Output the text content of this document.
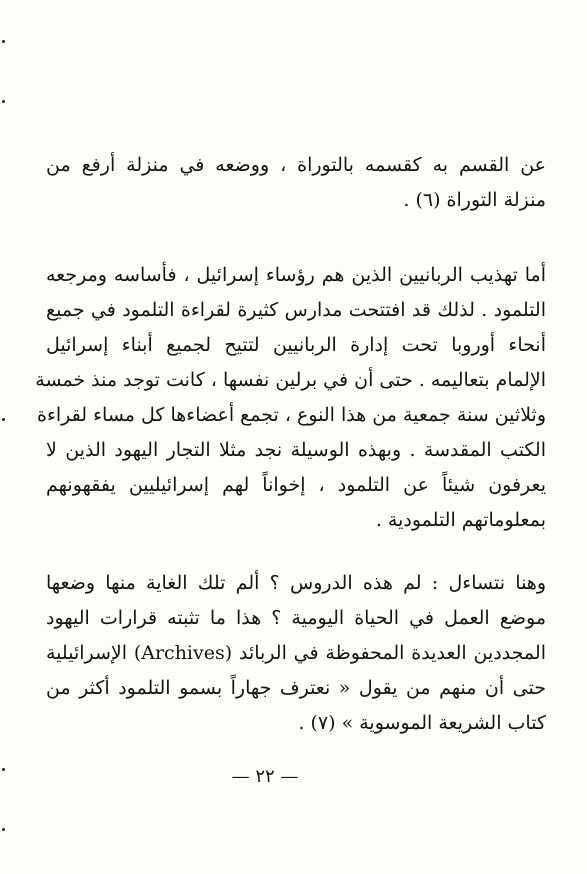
عن القسم به كقسمه بالتوراة ، ووضعه في منزلة أرفع من
منزلة التوراة (٦) .

أما تهذيب الربانيين الذين هم رؤساء إسرائيل ، فأساسه ومرجعه
التلمود . لذلك قد افتتحت مدارس كثيرة لقراءة التلمود في جميع
أنحاء أوروبا تحت إدارة الربانيين لتتيح لجميع أبناء إسرائيل
الإلمام بتعاليمه . حتى أن في برلين نفسها ، كانت توجد منذ خمسة
وثلاثين سنة جمعية من هذا النوع ، تجمع أعضاءها كل مساء لقراءة
الكتب المقدسة . وبهذه الوسيلة نجد مثلا التجار اليهود الذين لا
يعرفون شيئاً عن التلمود ، إخواناً لهم إسرائيليين يفقهونهم
بمعلوماتهم التلمودية .

وهنا نتساءل : لم هذه الدروس ؟ ألم تلك الغاية منها وضعها
موضع العمل في الحياة اليومية ؟ هذا ما تثبته قرارات اليهود
المجددين العديدة المحفوظة في الربائد (Archives) الإسرائيلية
حتى أن منهم من يقول « نعترف جهاراً بسمو التلمود أكثر من
كتاب الشريعة الموسوية » (٧) .

— ٢٢ —
